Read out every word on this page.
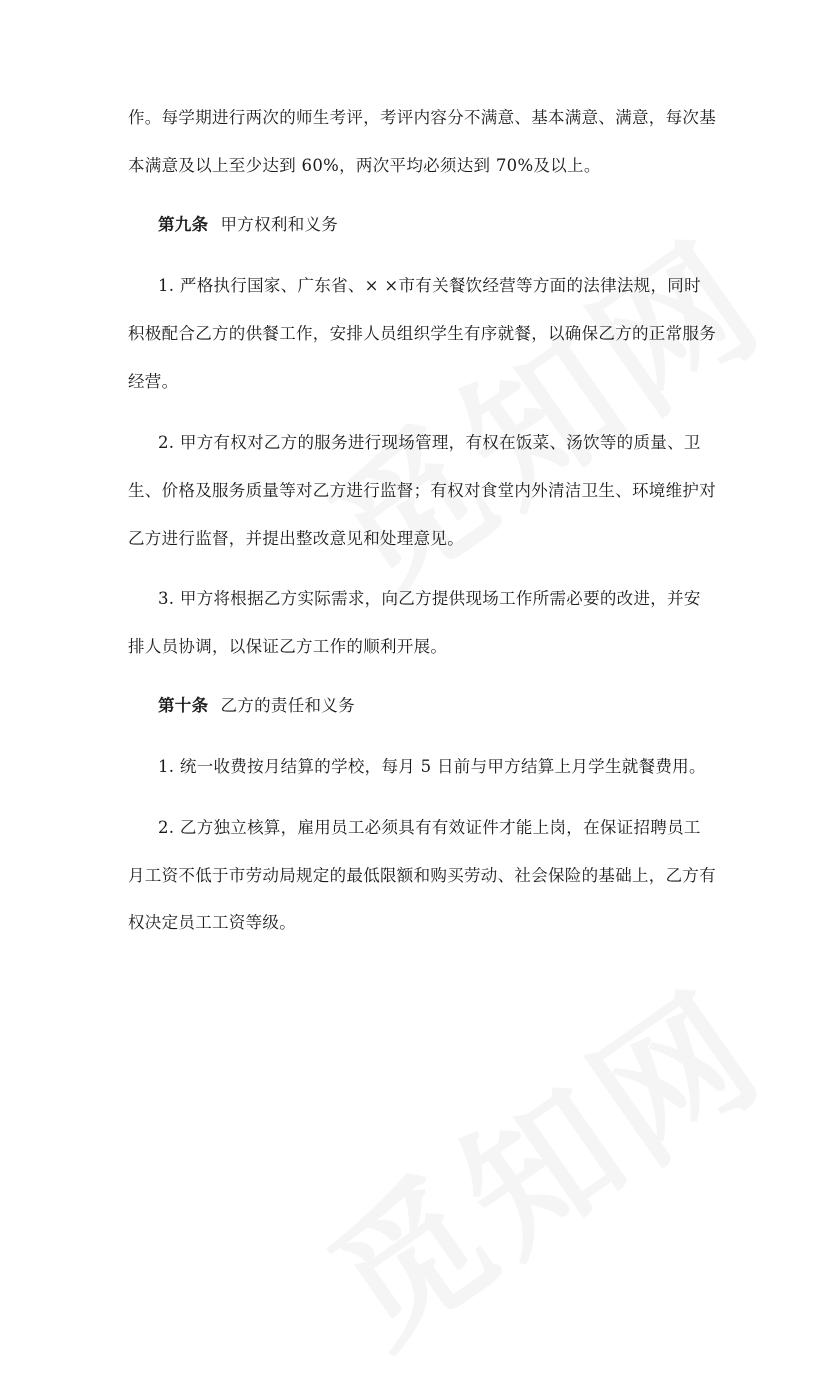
作。每学期进行两次的师生考评，考评内容分不满意、基本满意、满意，每次基
本满意及以上至少达到 60%，两次平均必须达到 70%及以上。
第九条 甲方权利和义务
1. 严格执行国家、广东省、× ×市有关餐饮经营等方面的法律法规，同时
积极配合乙方的供餐工作，安排人员组织学生有序就餐，以确保乙方的正常服务
经营。
2. 甲方有权对乙方的服务进行现场管理，有权在饭菜、汤饮等的质量、卫
生、价格及服务质量等对乙方进行监督；有权对食堂内外清洁卫生、环境维护对
乙方进行监督，并提出整改意见和处理意见。
3. 甲方将根据乙方实际需求，向乙方提供现场工作所需必要的改进，并安
排人员协调，以保证乙方工作的顺利开展。
第十条 乙方的责任和义务
1. 统一收费按月结算的学校，每月 5 日前与甲方结算上月学生就餐费用。
2. 乙方独立核算，雇用员工必须具有有效证件才能上岗，在保证招聘员工
月工资不低于市劳动局规定的最低限额和购买劳动、社会保险的基础上，乙方有
权决定员工工资等级。
